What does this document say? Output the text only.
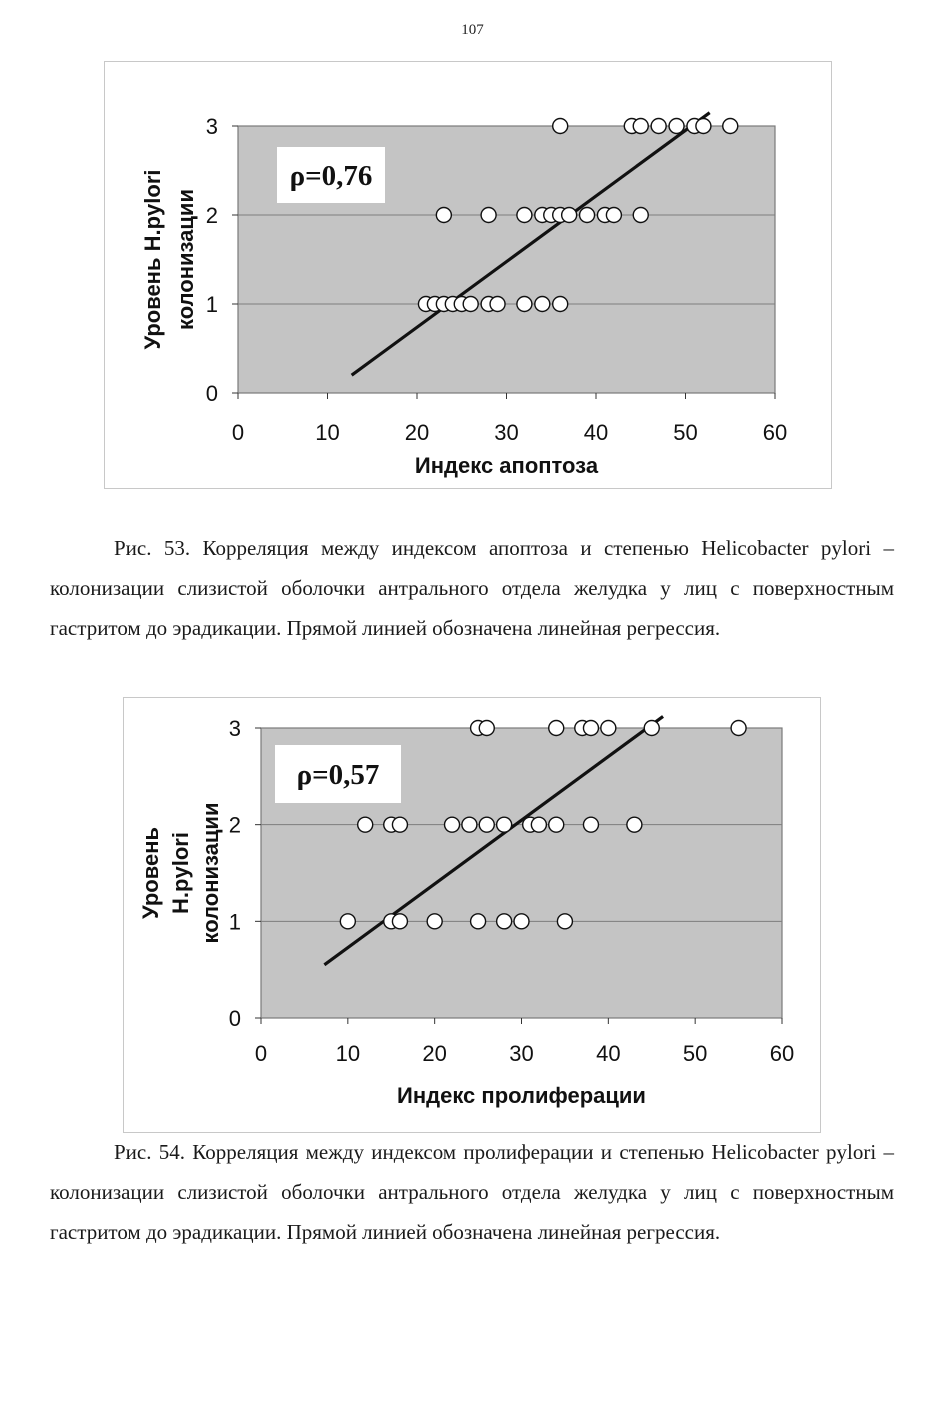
107
0
1
2
3
0	10	20	30	40	50	60
Индекс апоптоза
Уровень H.pylori колонизации
ρ=0,76

Рис. 53. Корреляция между индексом апоптоза и степенью Helicobacter pylori – колонизации слизистой оболочки антрального отдела желудка у лиц с поверхностным гастритом до эрадикации. Прямой линией обозначена линейная регрессия.

0
1
2
3
0	10	20	30	40	50	60
Индекс пролиферации
Уровень H.pylori колонизации
ρ=0,57

Рис. 54. Корреляция между индексом пролиферации и степенью Helicobacter pylori – колонизации слизистой оболочки антрального отдела желудка у лиц с поверхностным гастритом до эрадикации. Прямой линией обозначена линейная регрессия.
